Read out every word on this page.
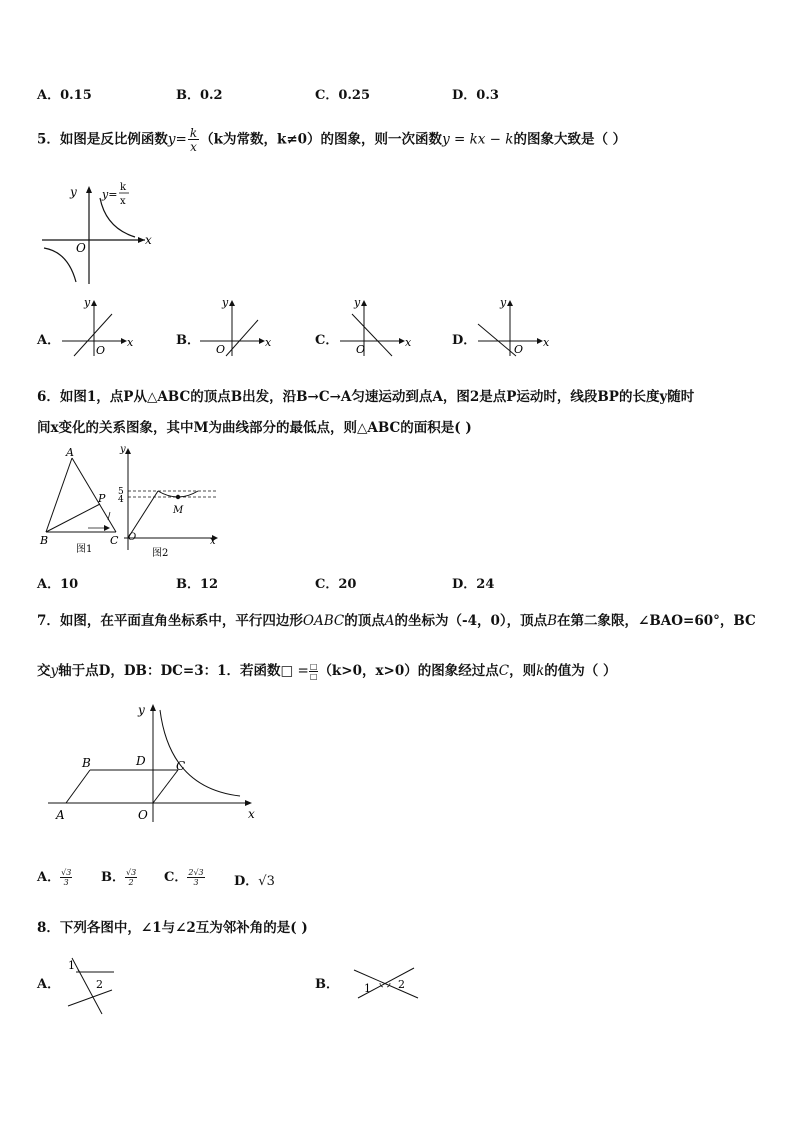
A．0.15	B．0.2	C．0.25	D．0.3
5．如图是反比例函数$y= \frac{k}{x} (k$为常数，k≠0）的图象，则一次函数y = kx − k的图象大致是（ ）
y
x
O
y=
k
x
A．
y
x
O
B．
y
x
O
C．
y
x
O
D．
y
x
O
6．如图1，点P从△ABC的顶点B出发，沿B→C→A匀速运动到点A，图2是点P运动时，线段BP的长度y随时
间x变化的关系图象，其中M为曲线部分的最低点，则△ABC的面积是( )
A
B	C
P
图1
y
5
4
M
O	x
图2
A．10	B．12	C．20	D．24
7．如图，在平面直角坐标系中，平行四边形OABC的顶点A的坐标为（-4，0），顶点B在第二象限，∠BAO=60°，BC
交y轴于点D，DB：DC=3：1．若函数□ = □
□ （k>0，x>0）的图象经过点C，则k的值为（ ）
y
x
B	D	C
A	O
A． $\frac{√3}{3}$ B． $\frac{√3}{2}$ C． $\frac{2√3}{3}$ D．√3
8．下列各图中，∠1与∠2互为邻补角的是( )
A．
1
2	B． 1 2
